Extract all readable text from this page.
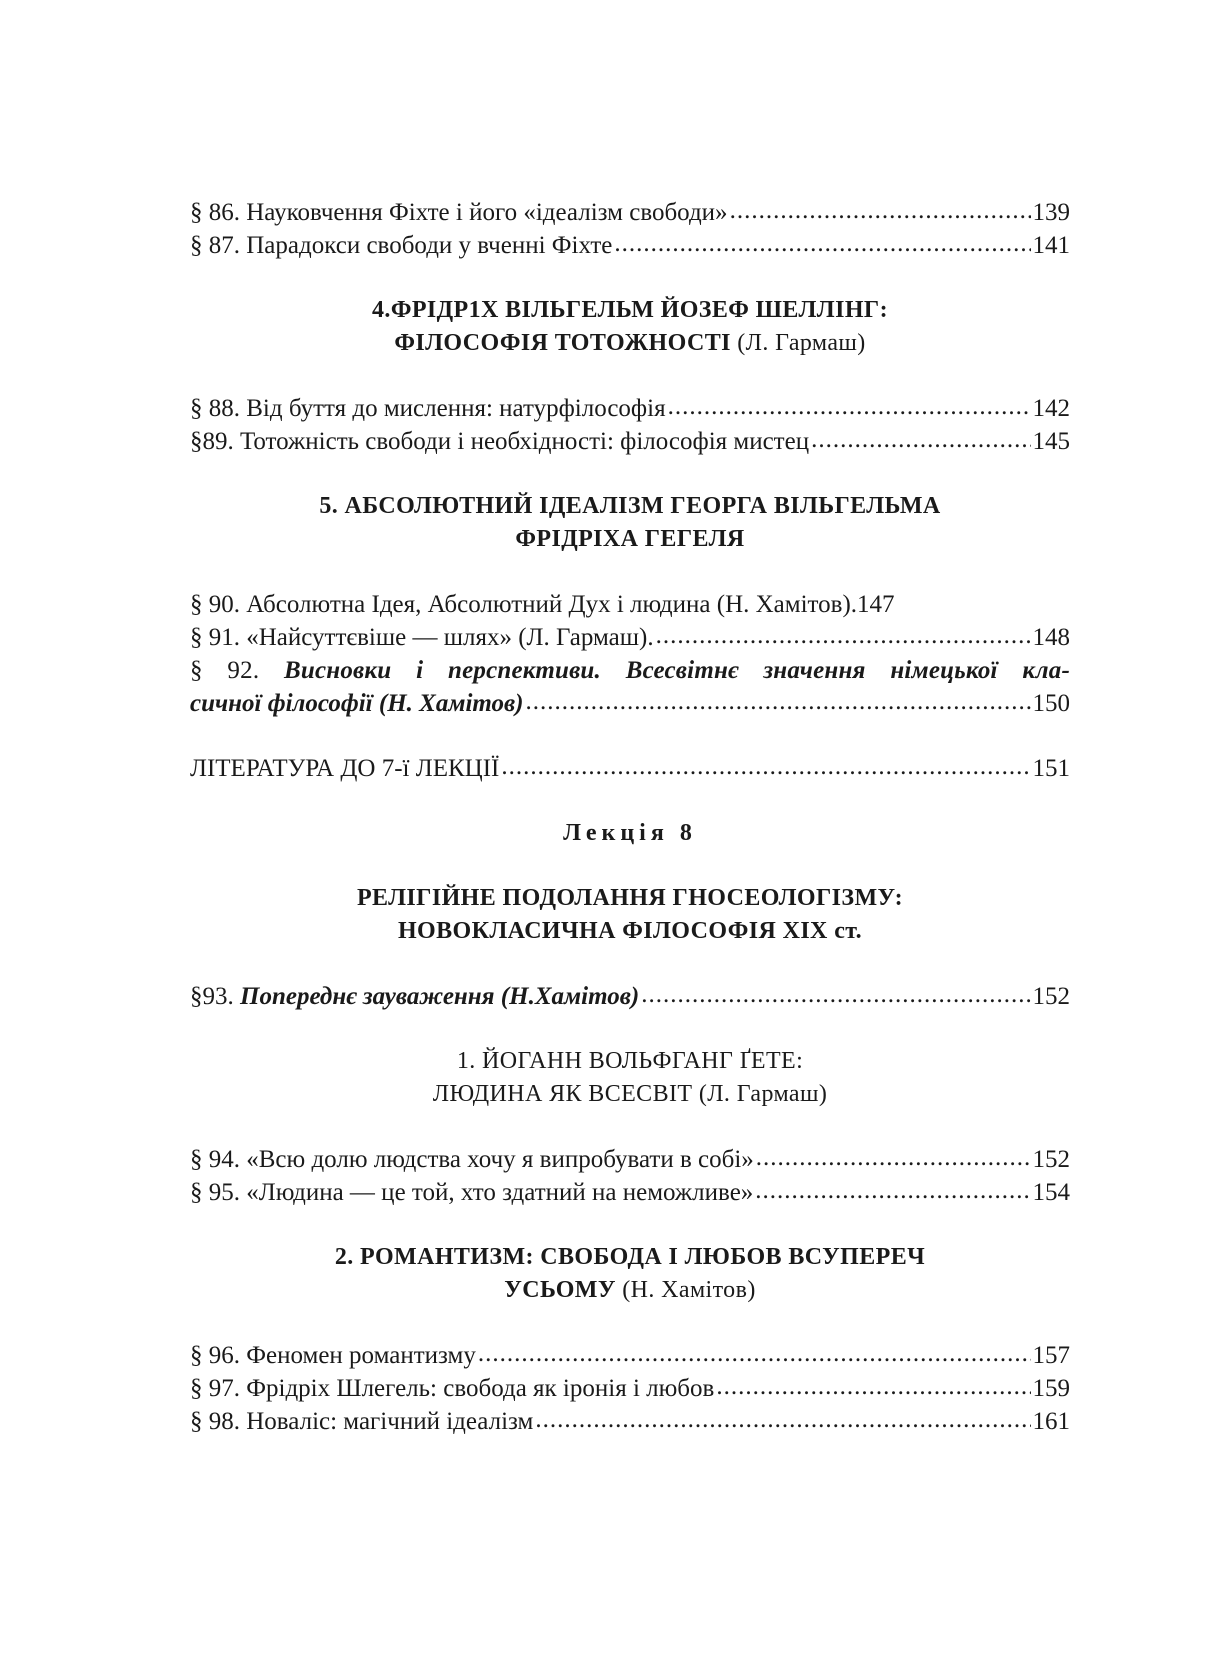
§ 86. Науковчення Фіхте і його «ідеалізм свободи» .....	139
§ 87. Парадокси свободи у вченні Фіхте .....	141
4.ФРІДР1Х ВІЛЬГЕЛЬМ ЙОЗЕФ ШЕЛЛІНГ:
ФІЛОСОФІЯ ТОТОЖНОСТІ (Л. Гармаш)
§ 88. Від буття до мислення: натурфілософія .....	142
§89. Тотожність свободи і необхідності: філософія мистец .....	145
5. АБСОЛЮТНИЙ ІДЕАЛІЗМ ГЕОРГА ВІЛЬГЕЛЬМА
ФРІДРІХА ГЕГЕЛЯ
§ 90. Абсолютна Ідея, Абсолютний Дух і людина (Н. Хамітов). 147
§ 91. «Найсуттєвіше — шлях» (Л. Гармаш). .....	148
§ 92. Висновки і перспективи. Всесвітнє значення німецької кла-
сичної філософії (Н. Хамітов) .....	150
ЛІТЕРАТУРА ДО 7-ї ЛЕКЦІЇ .....	151
Лекція 8
РЕЛІГІЙНЕ ПОДОЛАННЯ ГНОСЕОЛОГІЗМУ:
НОВОКЛАСИЧНА ФІЛОСОФІЯ XIX ст.
§93. Попереднє зауваження (Н.Хамітов) .....	152
1. ЙОГАНН ВОЛЬФГАНГ ҐЕТЕ:
ЛЮДИНА ЯК ВСЕСВІТ (Л. Гармаш)
§ 94. «Всю долю людства хочу я випробувати в собі» .....	152
§ 95. «Людина — це той, хто здатний на неможливе» .....	154
2. РОМАНТИЗМ: СВОБОДА І ЛЮБОВ ВСУПЕРЕЧ
УСЬОМУ (Н. Хамітов)
§ 96. Феномен романтизму .....	157
§ 97. Фрідріх Шлегель: свобода як іронія і любов .....	159
§ 98. Новаліс: магічний ідеалізм .....	161
